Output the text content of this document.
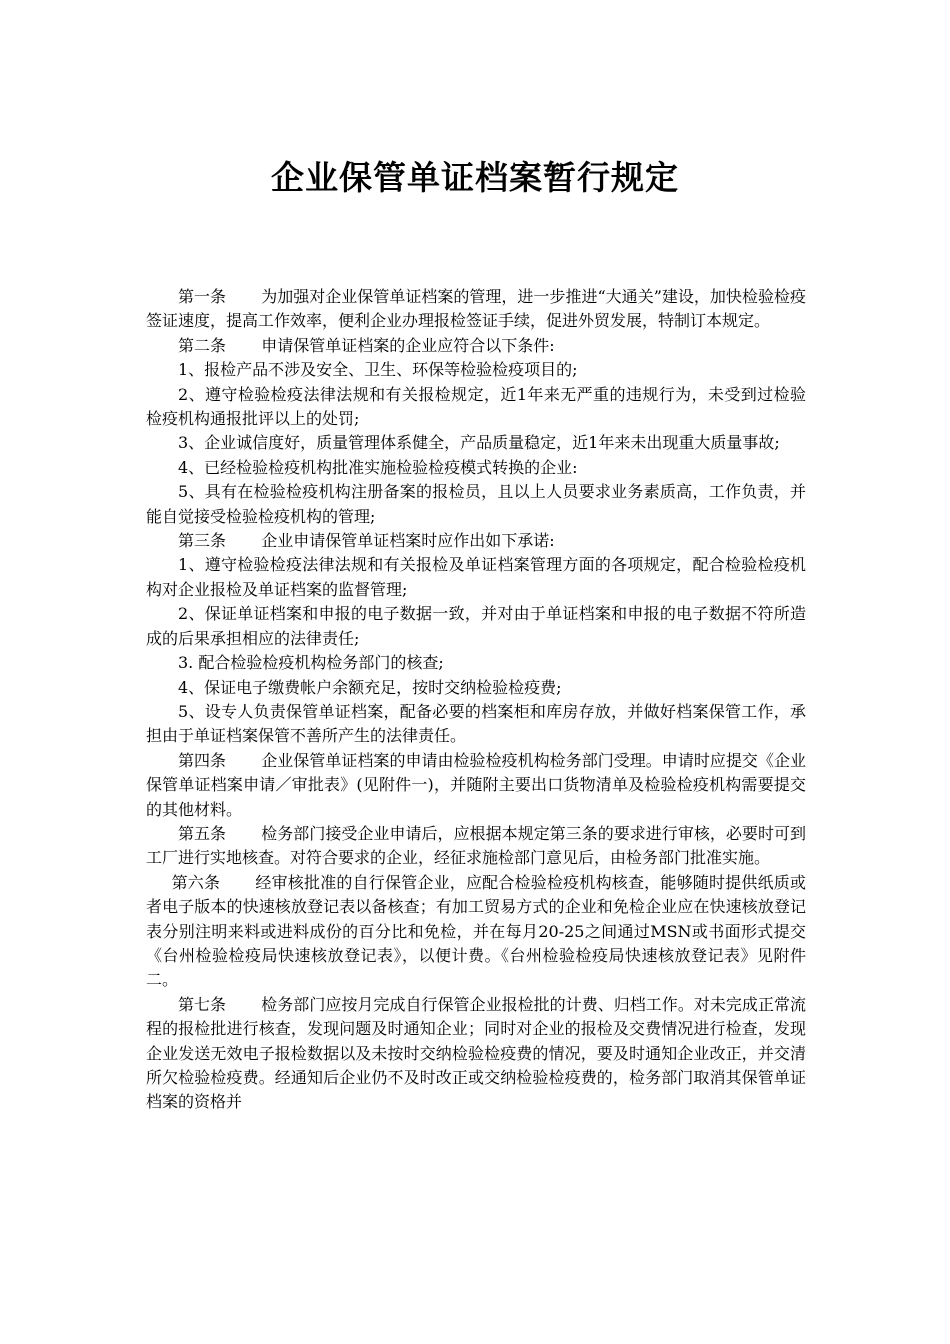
企业保管单证档案暂行规定

第一条 为加强对企业保管单证档案的管理，进一步推进“大通关”建设，加快检验检疫签证速度，提高工作效率，便利企业办理报检签证手续，促进外贸发展，特制订本规定。

第二条 申请保管单证档案的企业应符合以下条件:

1、报检产品不涉及安全、卫生、环保等检验检疫项目的;

2、遵守检验检疫法律法规和有关报检规定，近1年来无严重的违规行为，未受到过检验检疫机构通报批评以上的处罚;

3、企业诚信度好，质量管理体系健全，产品质量稳定，近1年来未出现重大质量事故;

4、已经检验检疫机构批准实施检验检疫模式转换的企业:

5、具有在检验检疫机构注册备案的报检员，且以上人员要求业务素质高，工作负责，并能自觉接受检验检疫机构的管理;

第三条 企业申请保管单证档案时应作出如下承诺:

1、遵守检验检疫法律法规和有关报检及单证档案管理方面的各项规定，配合检验检疫机构对企业报检及单证档案的监督管理;

2、保证单证档案和申报的电子数据一致，并对由于单证档案和申报的电子数据不符所造成的后果承担相应的法律责任;

3. 配合检验检疫机构检务部门的核查;

4、保证电子缴费帐户余额充足，按时交纳检验检疫费;

5、设专人负责保管单证档案，配备必要的档案柜和库房存放，并做好档案保管工作，承担由于单证档案保管不善所产生的法律责任。

第四条 企业保管单证档案的申请由检验检疫机构检务部门受理。申请时应提交《企业保管单证档案申请／审批表》(见附件一)，并随附主要出口货物清单及检验检疫机构需要提交的其他材料。

第五条 检务部门接受企业申请后，应根据本规定第三条的要求进行审核，必要时可到工厂进行实地核查。对符合要求的企业，经征求施检部门意见后，由检务部门批准实施。

第六条 经审核批准的自行保管企业，应配合检验检疫机构核查，能够随时提供纸质或者电子版本的快速核放登记表以备核查；有加工贸易方式的企业和免检企业应在快速核放登记表分别注明来料或进料成份的百分比和免检，并在每月20-25之间通过MSN或书面形式提交《台州检验检疫局快速核放登记表》，以便计费。《台州检验检疫局快速核放登记表》见附件二。

第七条 检务部门应按月完成自行保管企业报检批的计费、归档工作。对未完成正常流程的报检批进行核查，发现问题及时通知企业；同时对企业的报检及交费情况进行检查，发现企业发送无效电子报检数据以及未按时交纳检验检疫费的情况，要及时通知企业改正，并交清所欠检验检疫费。经通知后企业仍不及时改正或交纳检验检疫费的，检务部门取消其保管单证档案的资格并
